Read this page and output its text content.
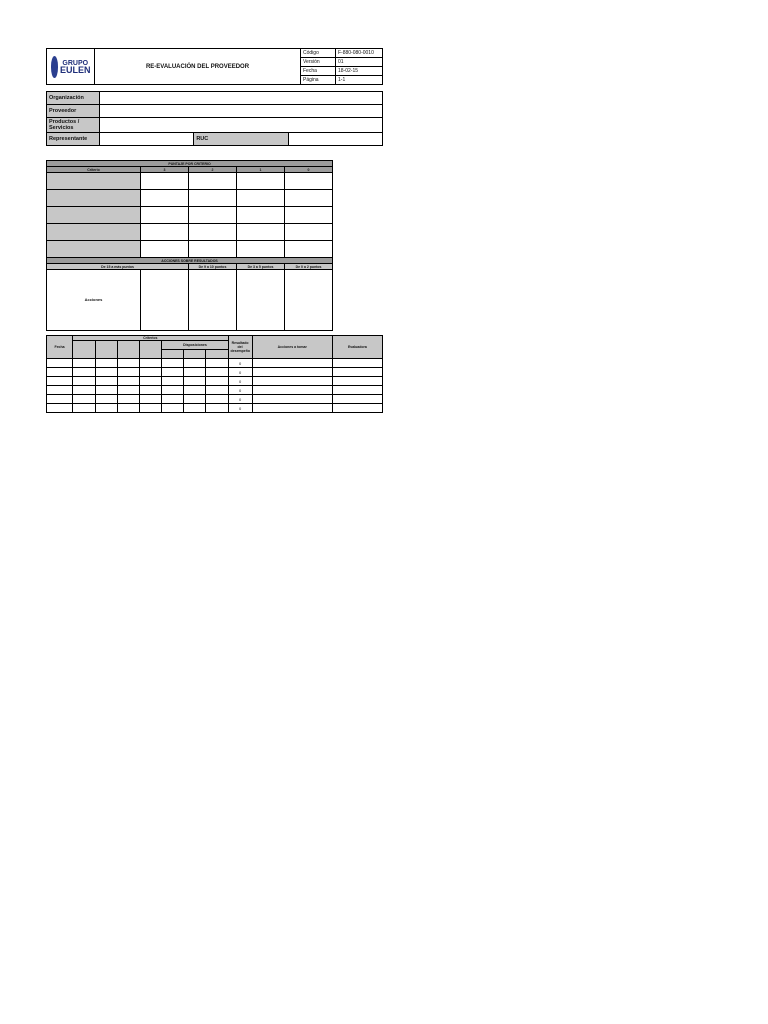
GRUPO
EULEN	RE-EVALUACIÓN DEL PROVEEDOR	Código	F-880-080-0010
		Versión	01
		Fecha	18-02-15
		Página	1-1
Organización			
Proveedor			
Productos / Servicios			
Representante		RUC	
PUNTAJE POR CRITERIO				
Criterio	3	2	1	0

ACCIONES SOBRE RESULTADOS				
De 15 a más puntos		De 9 a 10 puntos	De 3 a 5 puntos	De 0 a 2 puntos
Acciones				
Fecha	Criterios							Resultado del desempeño	Acciones a tomar	Evaluadora
					Disposiciones					

								0		
								0		
								0		
								0		
								0		
								0		
